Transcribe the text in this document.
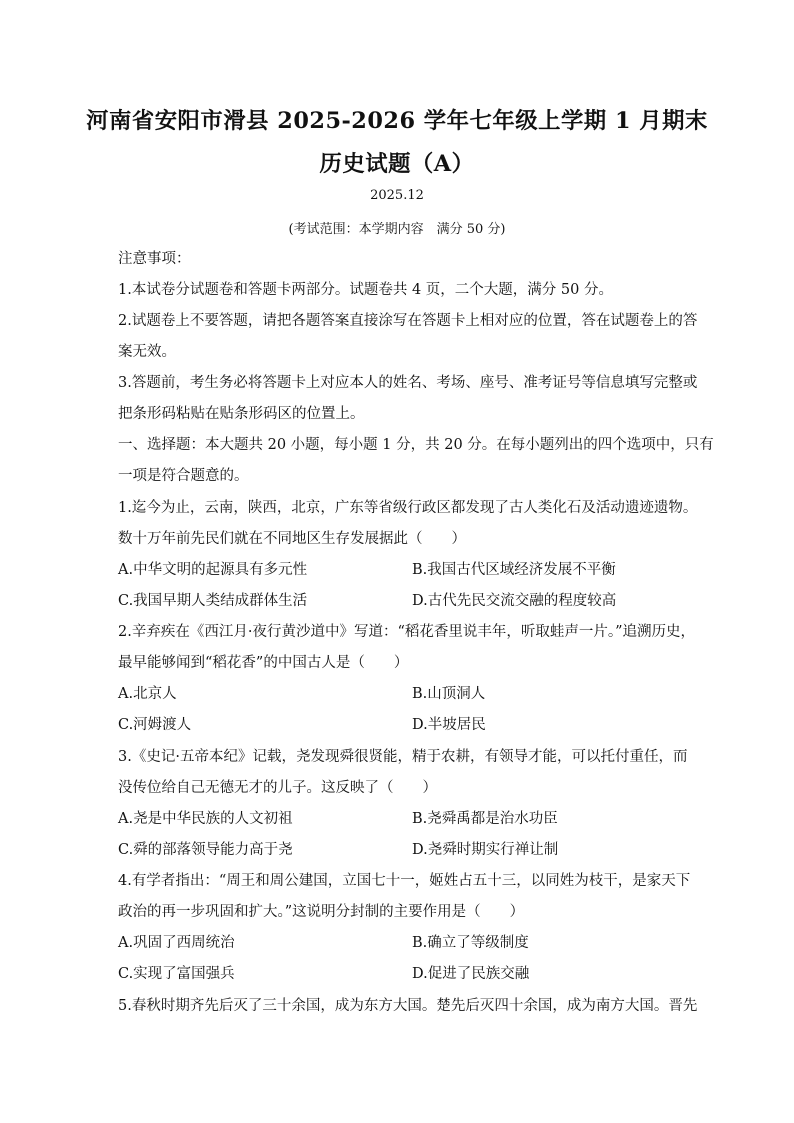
河南省安阳市滑县 2025-2026 学年七年级上学期 1 月期末
历史试题（A）
2025.12
(考试范围：本学期内容　满分 50 分)
注意事项：
1.本试卷分试题卷和答题卡两部分。试题卷共 4 页，二个大题，满分 50 分。
2.试题卷上不要答题，请把各题答案直接涂写在答题卡上相对应的位置，答在试题卷上的答
案无效。
3.答题前，考生务必将答题卡上对应本人的姓名、考场、座号、准考证号等信息填写完整或
把条形码粘贴在贴条形码区的位置上。
一、选择题：本大题共 20 小题，每小题 1 分，共 20 分。在每小题列出的四个选项中，只有
一项是符合题意的。
1.迄今为止，云南，陕西，北京，广东等省级行政区都发现了古人类化石及活动遗迹遗物。
数十万年前先民们就在不同地区生存发展据此（　　）
A.中华文明的起源具有多元性	B.我国古代区域经济发展不平衡
C.我国早期人类结成群体生活	D.古代先民交流交融的程度较高
2.辛弃疾在《西江月·夜行黄沙道中》写道：“稻花香里说丰年，听取蛙声一片。”追溯历史，
最早能够闻到“稻花香”的中国古人是（　　）
A.北京人	B.山顶洞人
C.河姆渡人	D.半坡居民
3.《史记·五帝本纪》记载，尧发现舜很贤能，精于农耕，有领导才能，可以托付重任，而
没传位给自己无德无才的儿子。这反映了（　　）
A.尧是中华民族的人文初祖	B.尧舜禹都是治水功臣
C.舜的部落领导能力高于尧	D.尧舜时期实行禅让制
4.有学者指出：“周王和周公建国，立国七十一，姬姓占五十三，以同姓为枝干，是家天下
政治的再一步巩固和扩大。”这说明分封制的主要作用是（　　）
A.巩固了西周统治	B.确立了等级制度
C.实现了富国强兵	D.促进了民族交融
5.春秋时期齐先后灭了三十余国，成为东方大国。楚先后灭四十余国，成为南方大国。晋先
